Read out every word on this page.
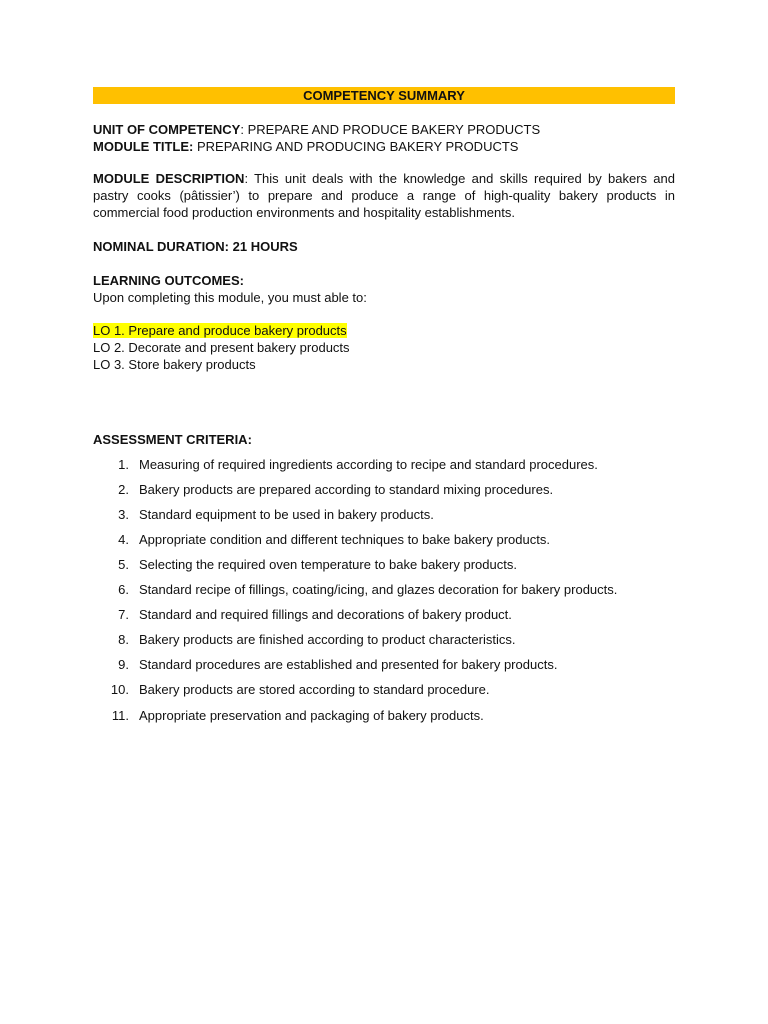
COMPETENCY SUMMARY
UNIT OF COMPETENCY: PREPARE AND PRODUCE BAKERY PRODUCTS
MODULE TITLE: PREPARING AND PRODUCING BAKERY PRODUCTS
MODULE DESCRIPTION: This unit deals with the knowledge and skills required by bakers and pastry cooks (pâtissier’) to prepare and produce a range of high-quality bakery products in commercial food production environments and hospitality establishments.
NOMINAL DURATION: 21 HOURS
LEARNING OUTCOMES:
Upon completing this module, you must able to:
LO 1. Prepare and produce bakery products
LO 2. Decorate and present bakery products
LO 3. Store bakery products
ASSESSMENT CRITERIA:
1. Measuring of required ingredients according to recipe and standard procedures.
2. Bakery products are prepared according to standard mixing procedures.
3. Standard equipment to be used in bakery products.
4. Appropriate condition and different techniques to bake bakery products.
5. Selecting the required oven temperature to bake bakery products.
6. Standard recipe of fillings, coating/icing, and glazes decoration for bakery products.
7. Standard and required fillings and decorations of bakery product.
8. Bakery products are finished according to product characteristics.
9. Standard procedures are established and presented for bakery products.
10. Bakery products are stored according to standard procedure.
11. Appropriate preservation and packaging of bakery products.
